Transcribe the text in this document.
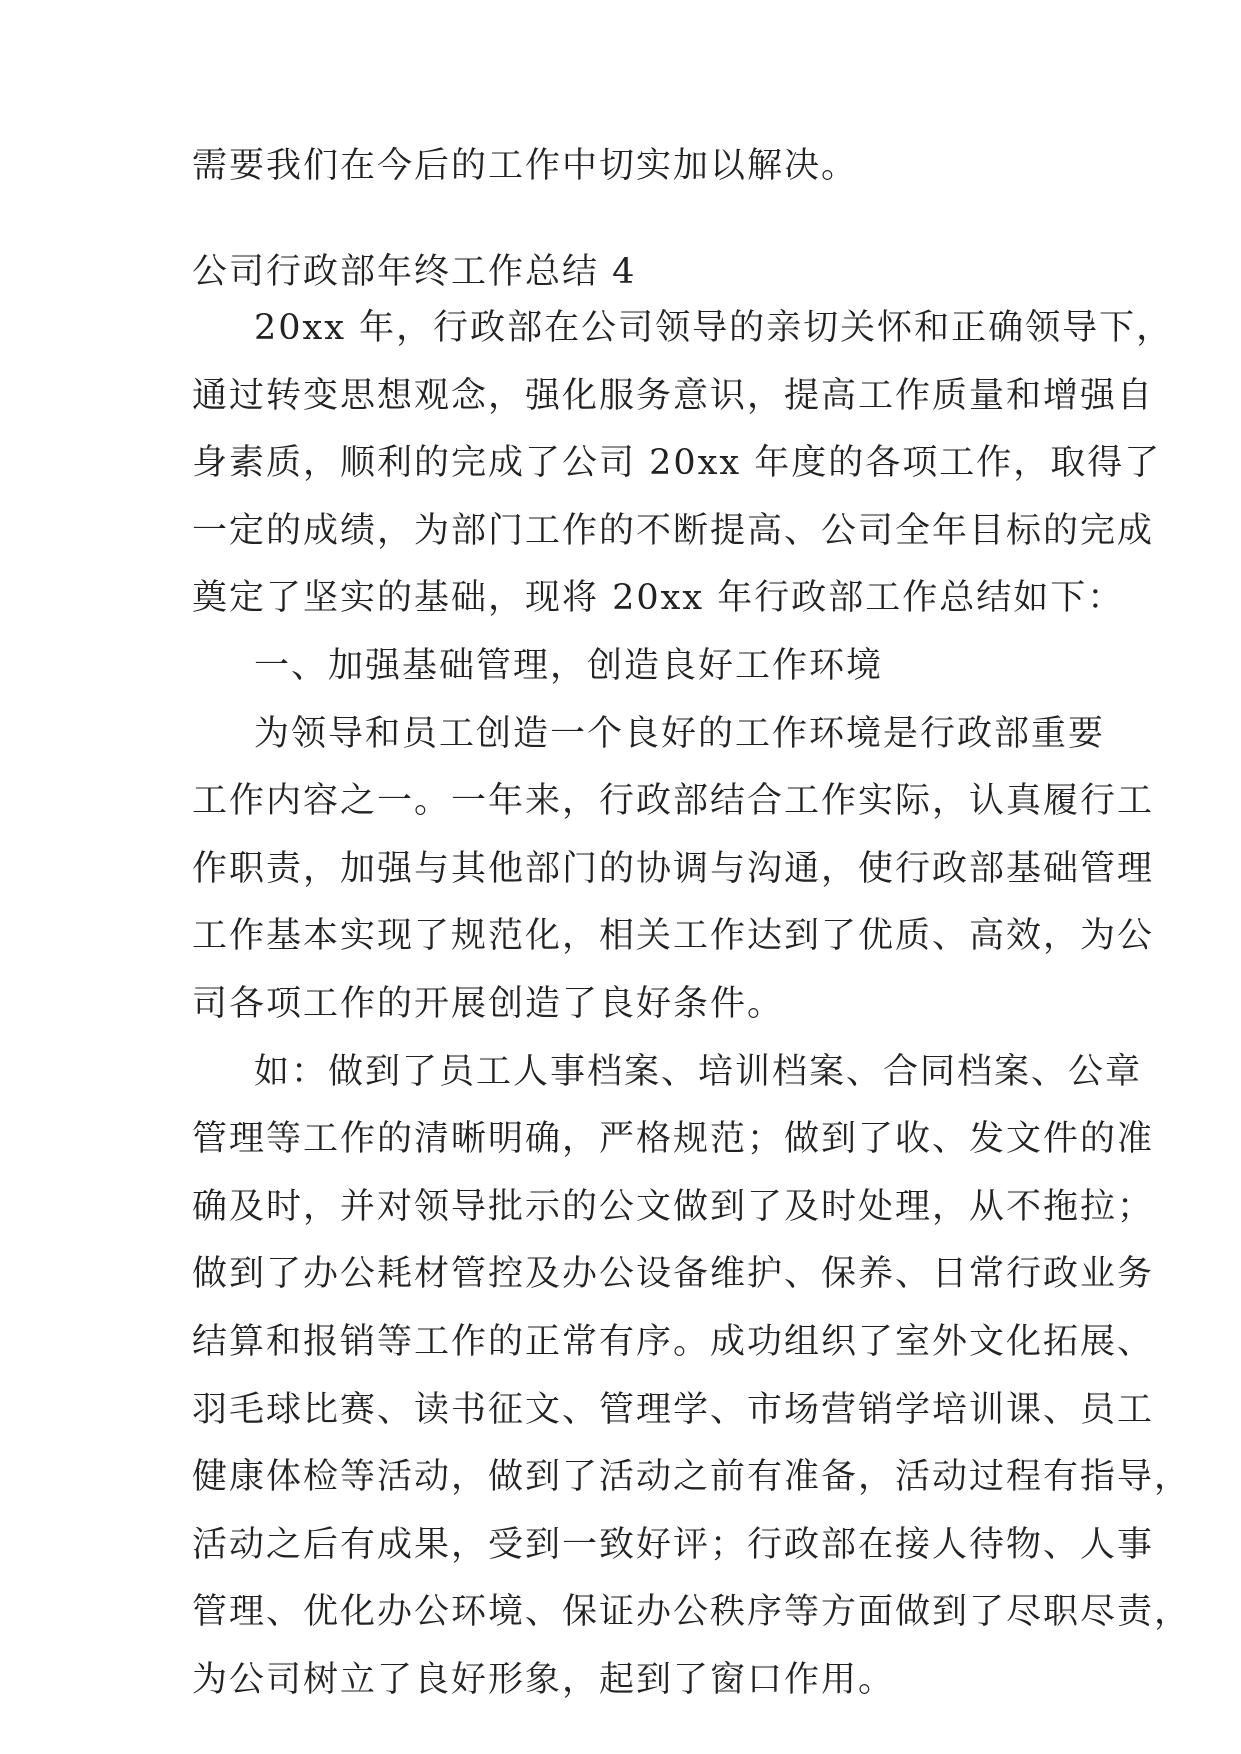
需要我们在今后的工作中切实加以解决。
公司行政部年终工作总结 4
20xx 年，行政部在公司领导的亲切关怀和正确领导下，
通过转变思想观念，强化服务意识，提高工作质量和增强自
身素质，顺利的完成了公司 20xx 年度的各项工作，取得了
一定的成绩，为部门工作的不断提高、公司全年目标的完成
奠定了坚实的基础，现将 20xx 年行政部工作总结如下：
一、加强基础管理，创造良好工作环境
为领导和员工创造一个良好的工作环境是行政部重要
工作内容之一。一年来，行政部结合工作实际，认真履行工
作职责，加强与其他部门的协调与沟通，使行政部基础管理
工作基本实现了规范化，相关工作达到了优质、高效，为公
司各项工作的开展创造了良好条件。
如：做到了员工人事档案、培训档案、合同档案、公章
管理等工作的清晰明确，严格规范；做到了收、发文件的准
确及时，并对领导批示的公文做到了及时处理，从不拖拉；
做到了办公耗材管控及办公设备维护、保养、日常行政业务
结算和报销等工作的正常有序。成功组织了室外文化拓展、
羽毛球比赛、读书征文、管理学、市场营销学培训课、员工
健康体检等活动，做到了活动之前有准备，活动过程有指导，
活动之后有成果，受到一致好评；行政部在接人待物、人事
管理、优化办公环境、保证办公秩序等方面做到了尽职尽责，
为公司树立了良好形象，起到了窗口作用。
